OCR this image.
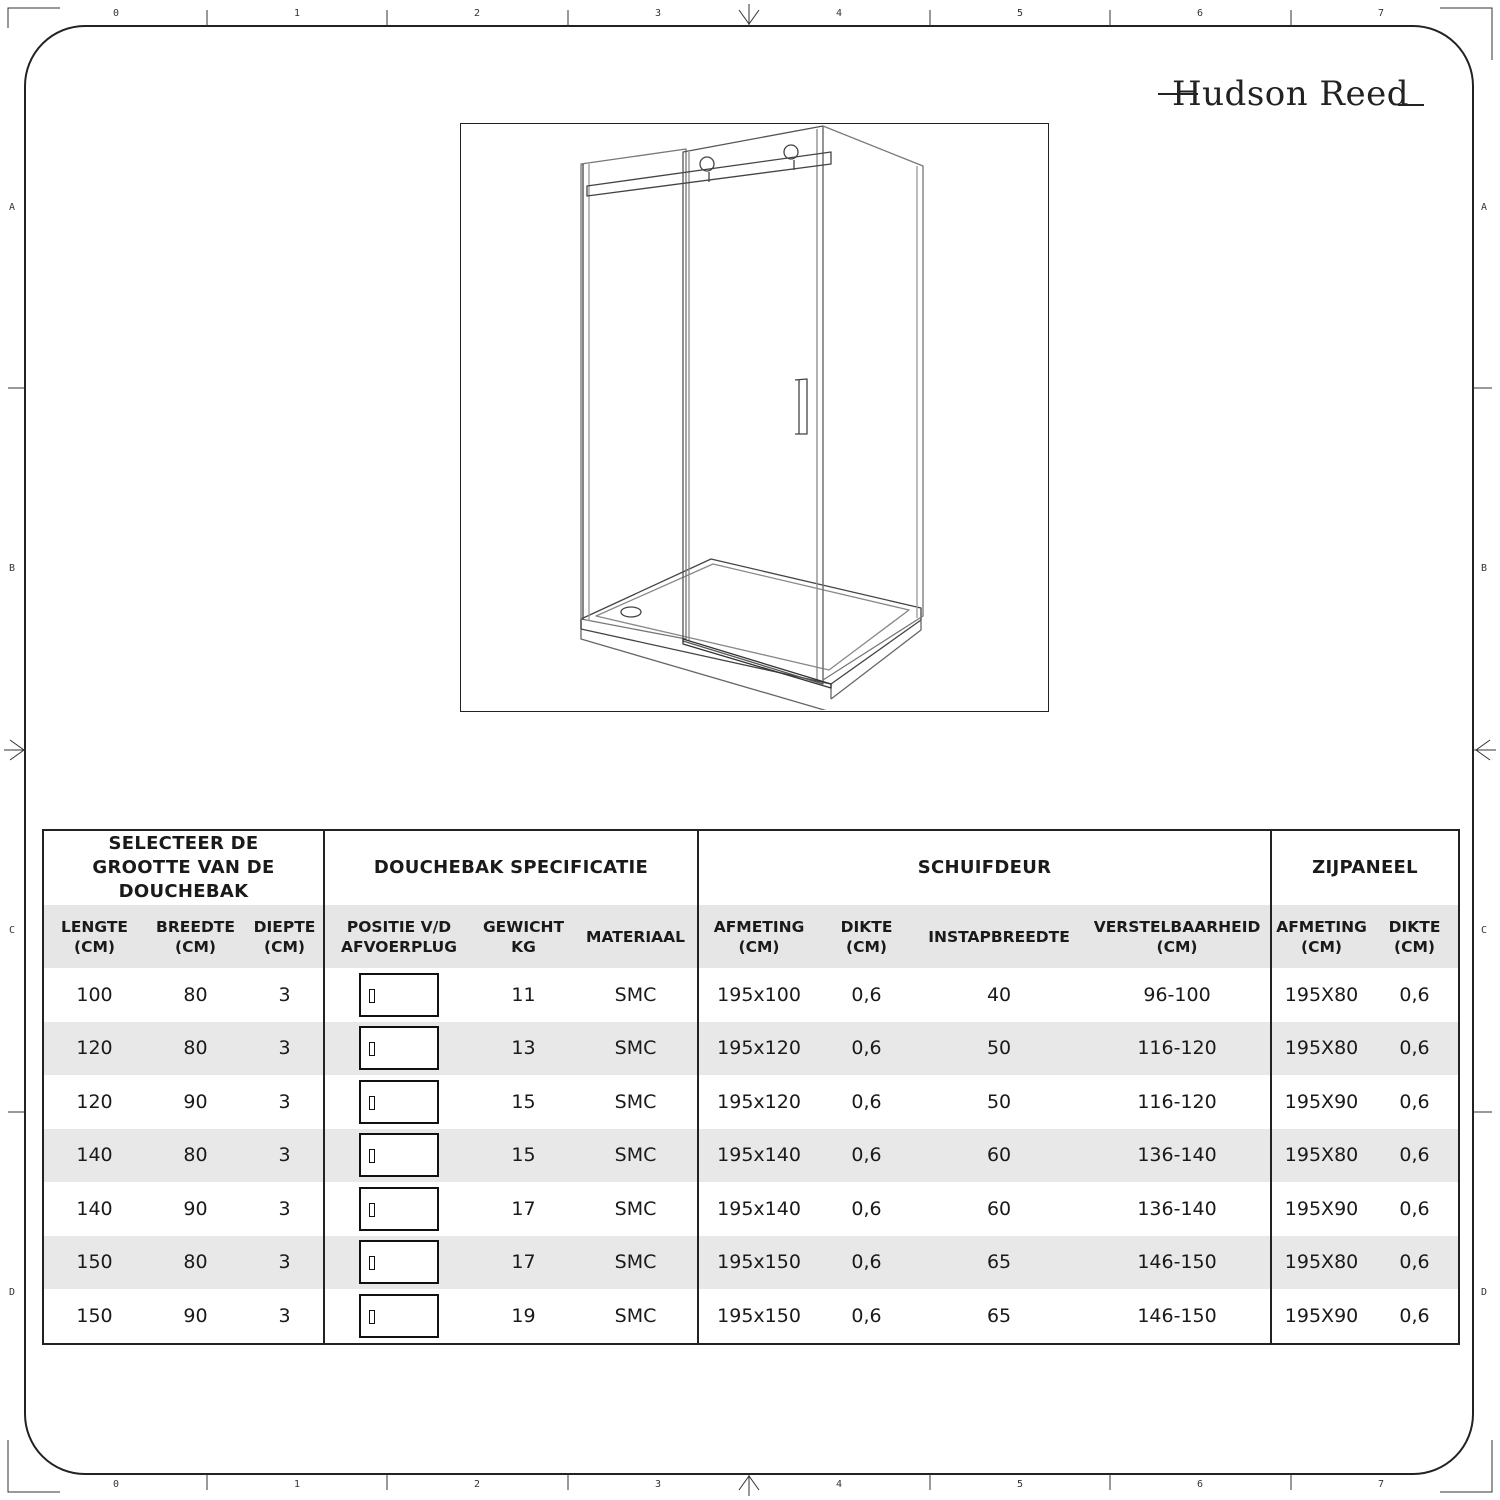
0	1	2	3	4	5	6	7
0	1	2	3	4	5	6	7
A
B
C
D
A
B
C
D
Hudson Reed
SELECTEER DE GROOTTE VAN DE DOUCHEBAK			DOUCHEBAK SPECIFICATIE			SCHUIFDEUR				ZIJPANEEL	

LENGTE (CM)	BREEDTE (CM)	DIEPTE (CM)	POSITIE V/D AFVOERPLUG	GEWICHT KG	MATERIAAL	AFMETING (CM)	DIKTE (CM)	INSTAPBREEDTE	VERSTELBAARHEID (CM)	AFMETING (CM)	DIKTE (CM)

100	80	3		11	SMC	195x100	0,6	40	96-100	195X80	0,6
120	80	3		13	SMC	195x120	0,6	50	116-120	195X80	0,6
120	90	3		15	SMC	195x120	0,6	50	116-120	195X90	0,6
140	80	3		15	SMC	195x140	0,6	60	136-140	195X80	0,6
140	90	3		17	SMC	195x140	0,6	60	136-140	195X90	0,6
150	80	3		17	SMC	195x150	0,6	65	146-150	195X80	0,6
150	90	3		19	SMC	195x150	0,6	65	146-150	195X90	0,6
